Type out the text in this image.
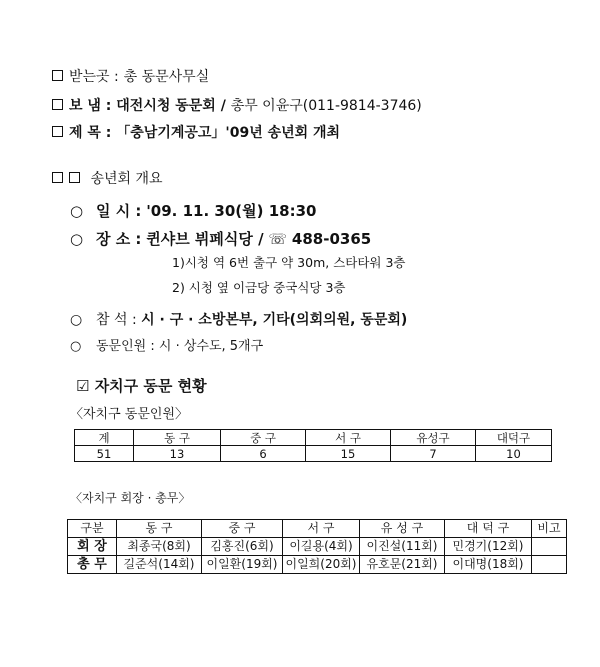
받는곳 : 총 동문사무실
보 냄 : 대전시청 동문회 / 총무 이윤구(011-9814-3746)
제 목 : 「충남기계공고」'09년 송년회 개최
송년회 개요
○ 일 시 : '09. 11. 30(월) 18:30
○ 장 소 : 퀸샤브 뷔페식당 / ☏ 488-0365
1)시청 역 6번 출구 약 30m, 스타타워 3층
2) 시청 옆 이금당 중국식당 3층
○ 참 석 : 시 · 구 · 소방본부, 기타(의회의원, 동문회)
○ 동문인원 : 시 · 상수도, 5개구
☑ 자치구 동문 현황
〈자치구 동문인원〉
계	동 구	중 구	서 구	유성구	대덕구
51	13	6	15	7	10
〈자치구 회장 · 총무〉
구분	동 구	중 구	서 구	유 성 구	대 덕 구	비고
회 장	최종국(8회)	김홍진(6회)	이길용(4회)	이진설(11회)	민경기(12회)	
총 무	길준석(14회)	이일환(19회)	이일희(20회)	유호문(21회)	이대명(18회)	
